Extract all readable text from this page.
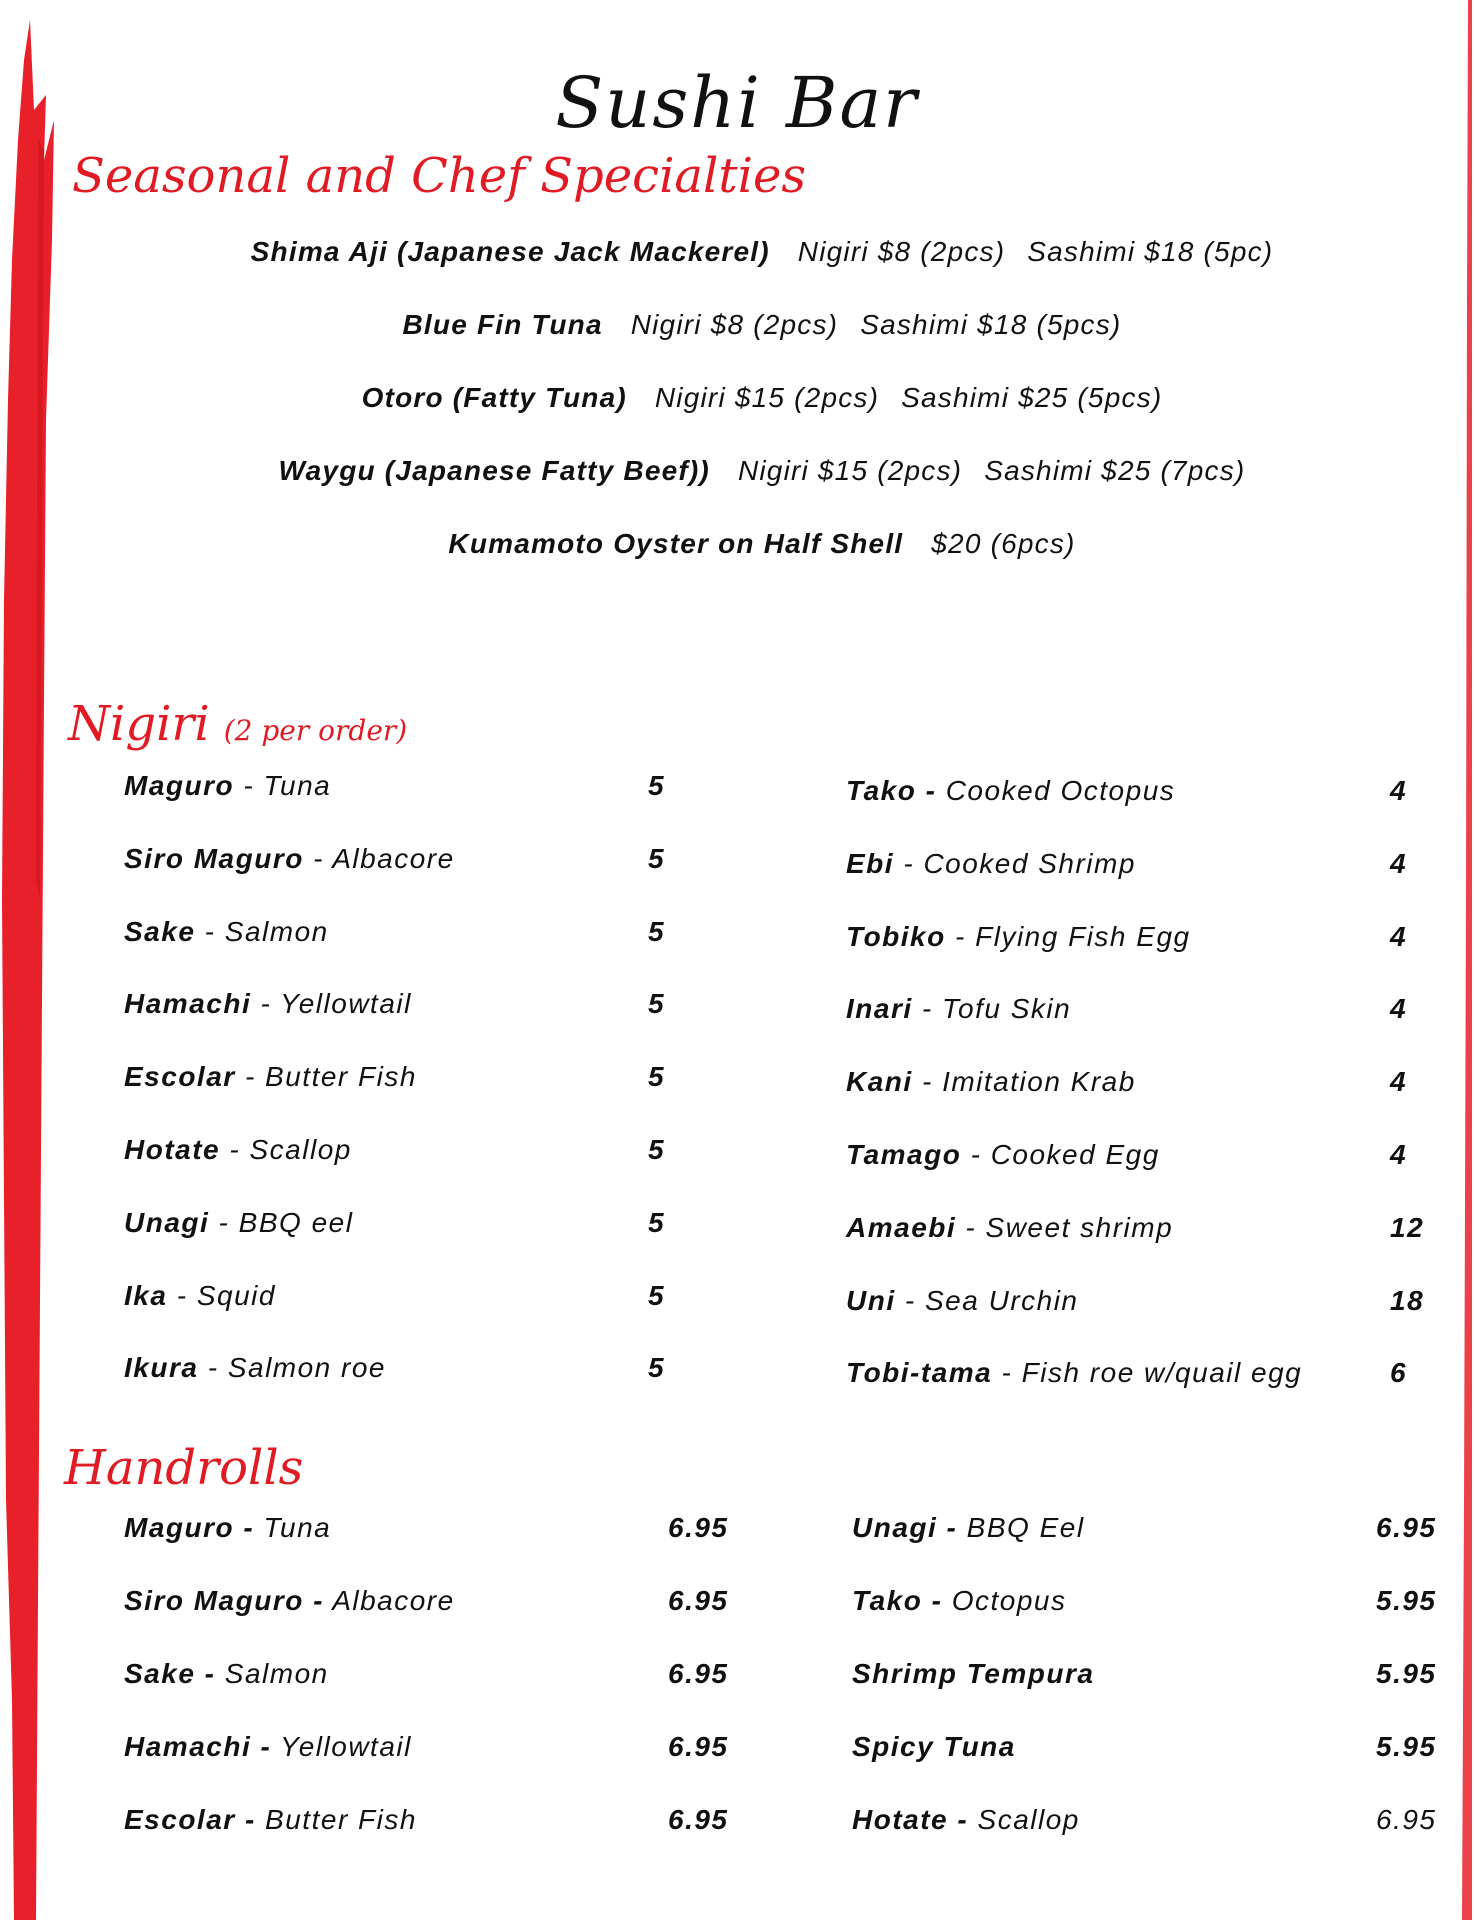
Sushi Bar
Seasonal and Chef Specialties
Shima Aji (Japanese Jack Mackerel) Nigiri $8 (2pcs) Sashimi $18 (5pc)
Blue Fin Tuna Nigiri $8 (2pcs) Sashimi $18 (5pcs)
Otoro (Fatty Tuna) Nigiri $15 (2pcs) Sashimi $25 (5pcs)
Waygu (Japanese Fatty Beef)) Nigiri $15 (2pcs) Sashimi $25 (7pcs)
Kumamoto Oyster on Half Shell $20 (6pcs)
Nigiri (2 per order)
Maguro - Tuna	5
Siro Maguro - Albacore	5
Sake - Salmon	5
Hamachi - Yellowtail	5
Escolar - Butter Fish	5
Hotate - Scallop	5
Unagi - BBQ eel	5
Ika - Squid	5
Ikura - Salmon roe	5
Tako - Cooked Octopus	4
Ebi - Cooked Shrimp	4
Tobiko - Flying Fish Egg	4
Inari - Tofu Skin	4
Kani - Imitation Krab	4
Tamago - Cooked Egg	4
Amaebi - Sweet shrimp	12
Uni - Sea Urchin	18
Tobi-tama - Fish roe w/quail egg	6
Handrolls
Maguro - Tuna	6.95
Siro Maguro - Albacore	6.95
Sake - Salmon	6.95
Hamachi - Yellowtail	6.95
Escolar - Butter Fish	6.95
Unagi - BBQ Eel	6.95
Tako - Octopus	5.95
Shrimp Tempura	5.95
Spicy Tuna	5.95
Hotate - Scallop	6.95
